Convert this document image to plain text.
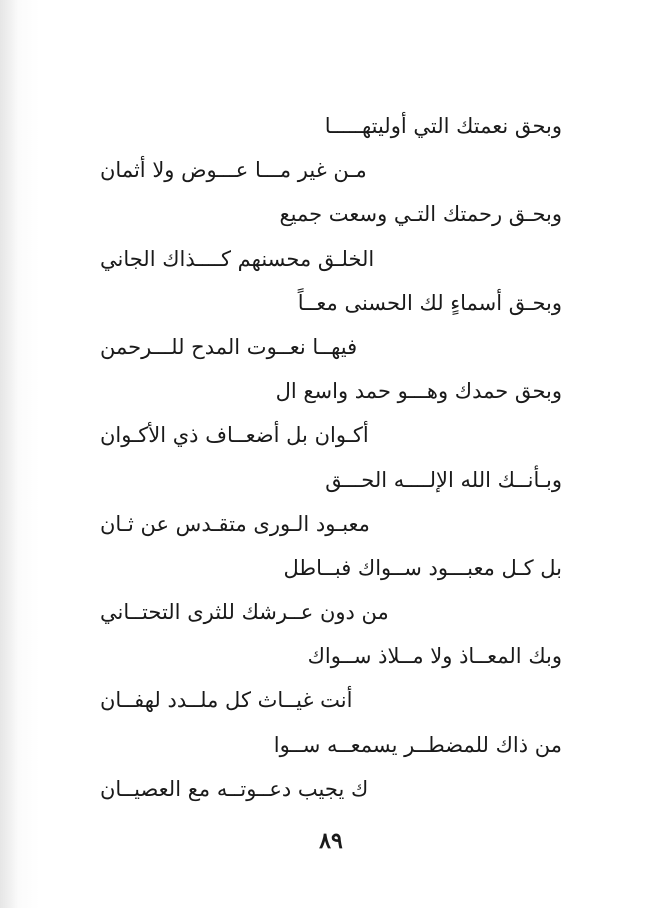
وبحق نعمتك التي أوليتهـــــا
مـن غير مـــا عـــوض ولا أثمان
وبحـق رحمتك التـي وسعت جميع
الخلـق محسنهم كــــذاك الجاني
وبحـق أسماءٍ لك الحسنى معــاً
فيهــا نعــوت المدح للـــرحمن
وبحق حمدك وهـــو حمد واسع ال
أكـوان بل أضعــاف ذي الأكـوان
وبـأنــك الله الإلــــه الحـــق
معبـود الـورى متقـدس عن ثـان
بل كـل معبـــود ســواك فبــاطل
من دون عــرشك للثرى التحتــاني
وبك المعــاذ ولا مــلاذ ســواك
أنت غيــاث كل ملــدد لهفــان
من ذاك للمضطــر يسمعــه ســوا
ك يجيب دعــوتــه مع العصيــان
٨٩
